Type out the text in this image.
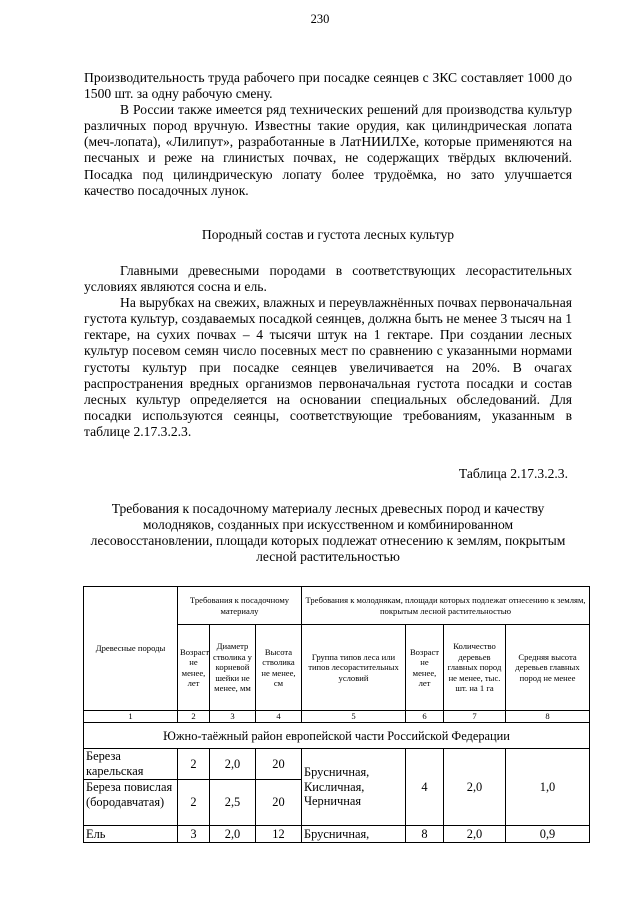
230

Производительность труда рабочего при посадке сеянцев с ЗКС составляет 1000 до 1500 шт. за одну рабочую смену.

В России также имеется ряд технических решений для производства культур различных пород вручную. Известны такие орудия, как цилиндрическая лопата (меч-лопата), «Лилипут», разработанные в ЛатНИИЛХе, которые применяются на песчаных и реже на глинистых почвах, не содержащих твёрдых включений. Посадка под цилиндрическую лопату более трудоёмка, но зато улучшается качество посадочных лунок.

Породный состав и густота лесных культур

Главными древесными породами в соответствующих лесорастительных условиях являются сосна и ель.

На вырубках на свежих, влажных и переувлажнённых почвах первоначальная густота культур, создаваемых посадкой сеянцев, должна быть не менее 3 тысяч на 1 гектаре, на сухих почвах – 4 тысячи штук на 1 гектаре. При создании лесных культур посевом семян число посевных мест по сравнению с указанными нормами густоты культур при посадке сеянцев увеличивается на 20%. В очагах распространения вредных организмов первоначальная густота посадки и состав лесных культур определяется на основании специальных обследований. Для посадки используются сеянцы, соответствующие требованиям, указанным в таблице 2.17.3.2.3.

Таблица 2.17.3.2.3.
Требования к посадочному материалу лесных древесных пород и качеству молодняков, созданных при искусственном и комбинированном лесовосстановлении, площади которых подлежат отнесению к землям, покрытым лесной растительностью
Древесные породы	Требования к посадочному материалу			Требования к молоднякам, площади которых подлежат отнесению к землям, покрытым лесной растительностью			
	Возраст не менее, лет	Диаметр стволика у корневой шейки не менее, мм	Высота стволика не менее, см	Группа типов леса или типов лесорастительных условий	Возраст не менее, лет	Количество деревьев главных пород не менее, тыс. шт. на 1 га	Средняя высота деревьев главных пород не менее
1	2	3	4	5	6	7	8
Южно-таёжный район европейской части Российской Федерации							
Береза карельская	2	2,0	20	Брусничная, Кисличная, Черничная	4	2,0	1,0
Береза повислая (бородавчатая)	2	2,5	20				
Ель	3	2,0	12	Брусничная,	8	2,0	0,9
